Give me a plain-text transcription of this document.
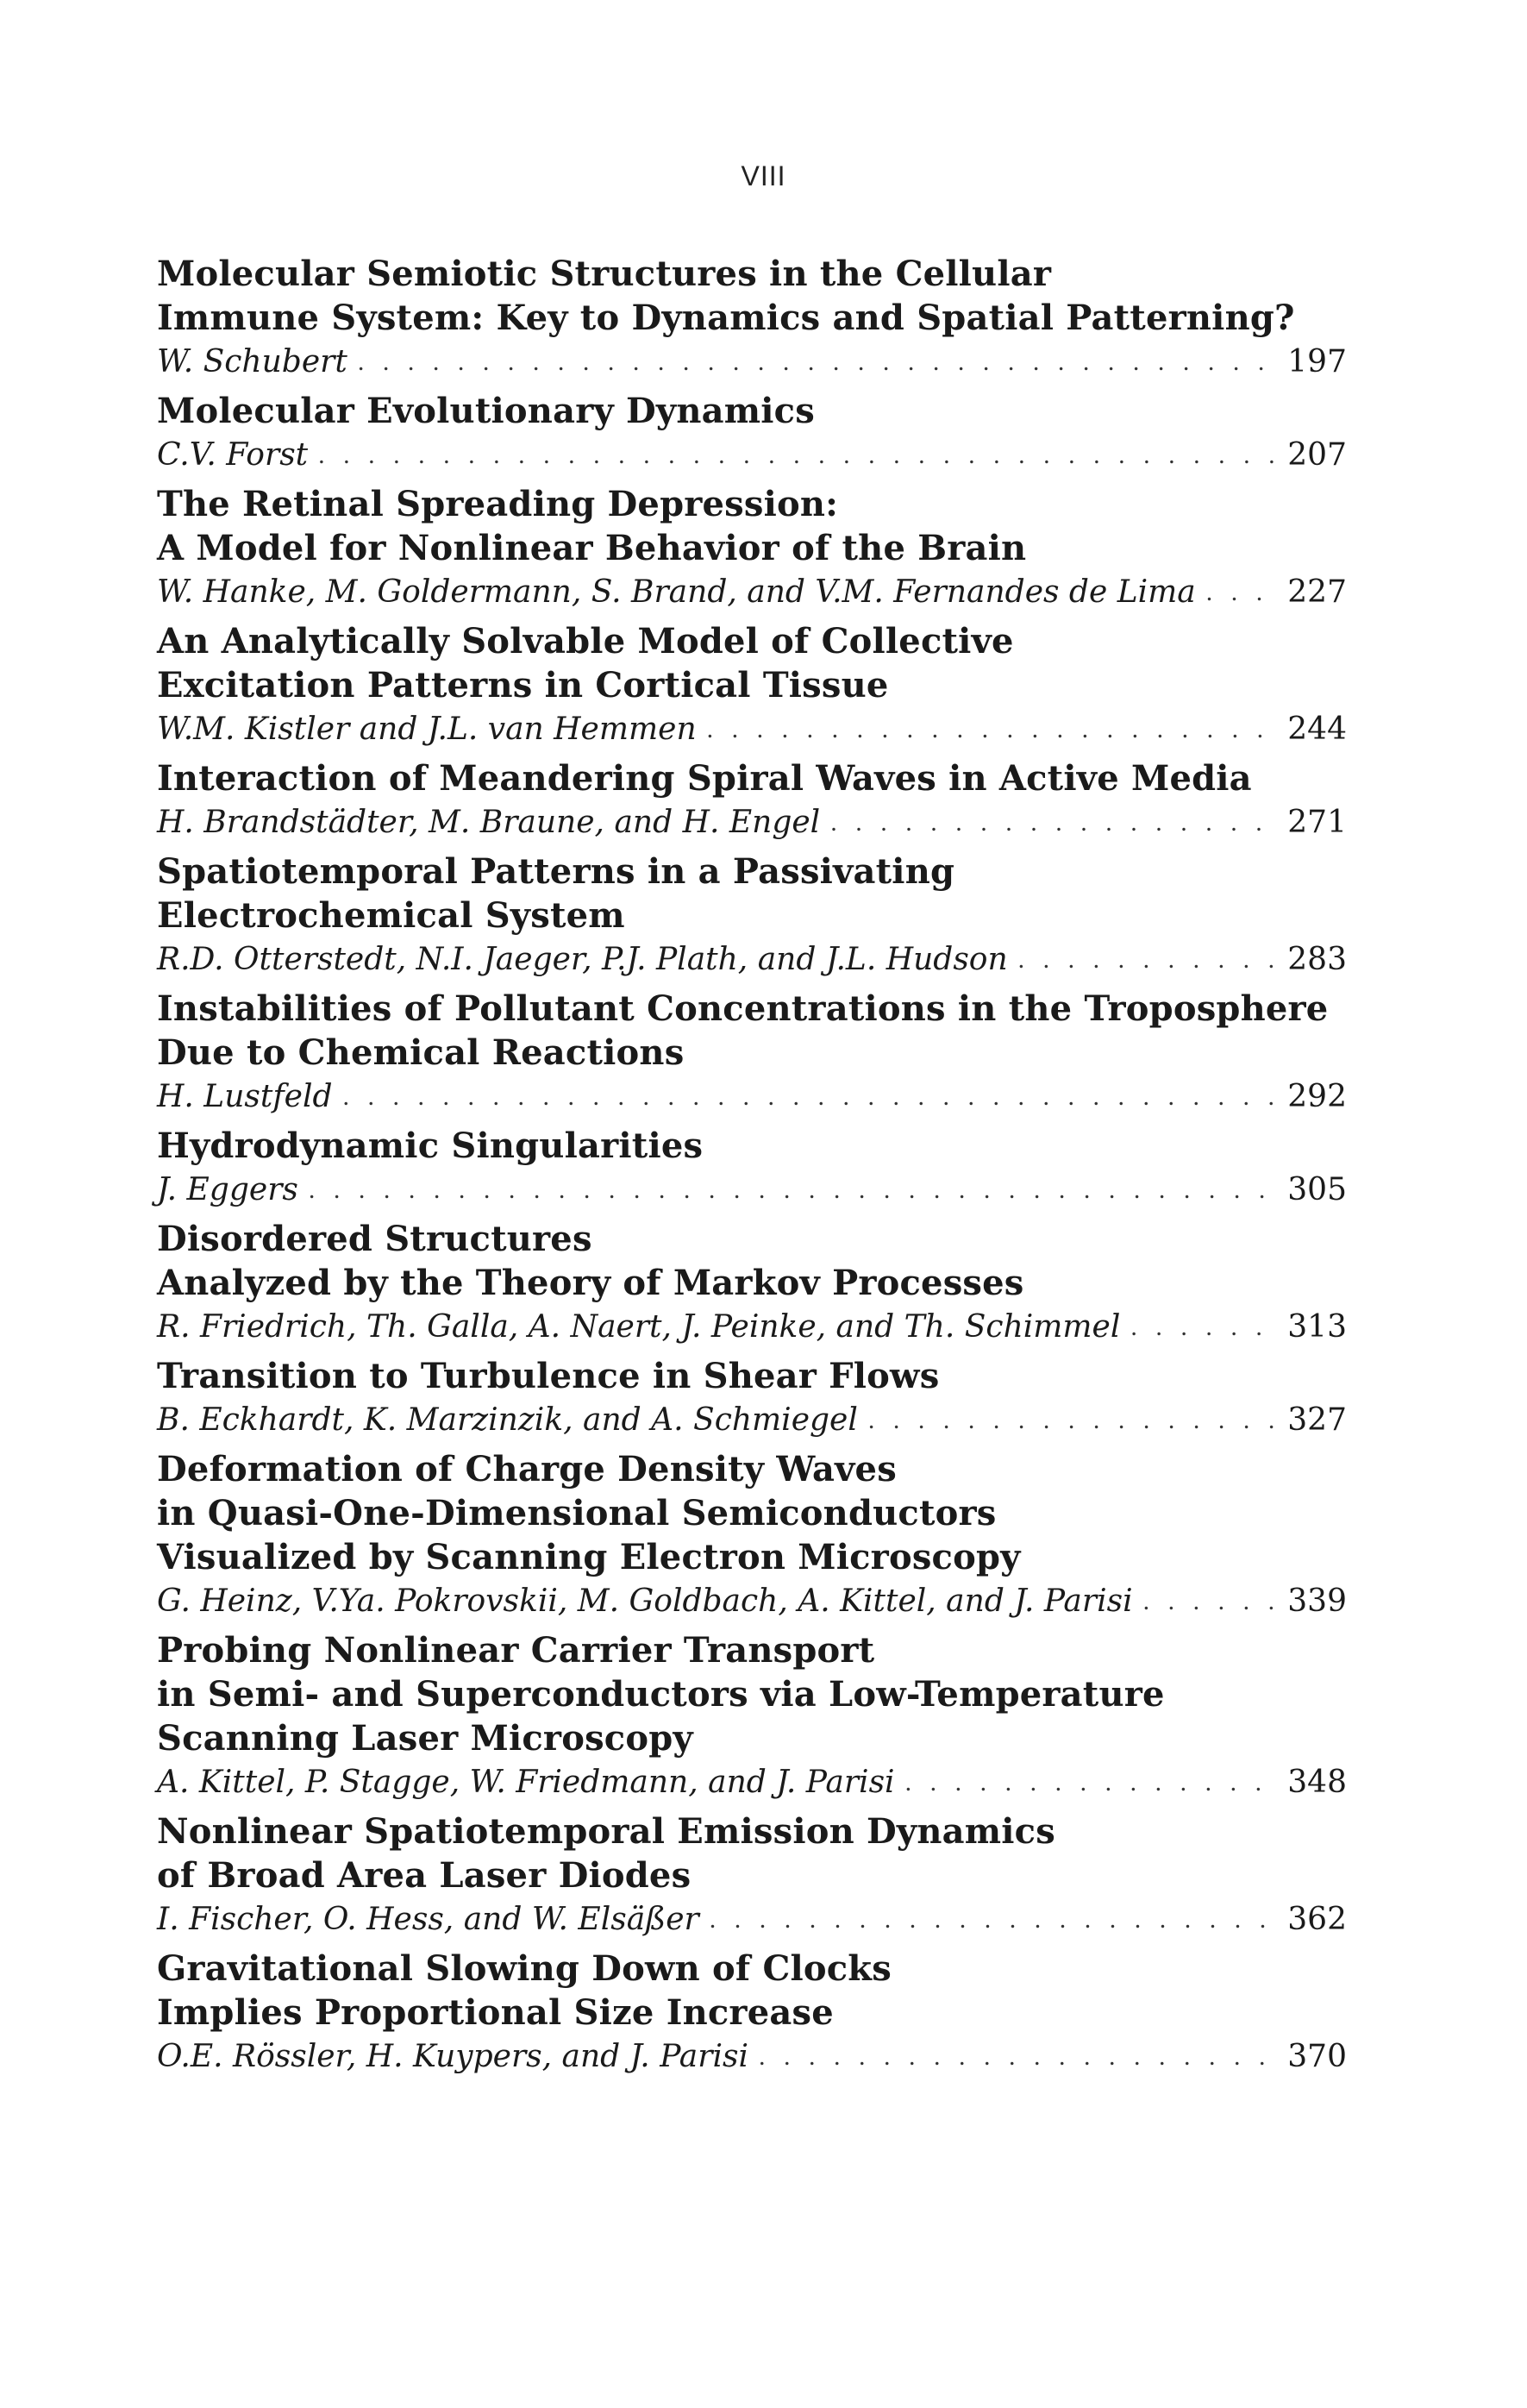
VIII
Molecular Semiotic Structures in the Cellular
Immune System: Key to Dynamics and Spatial Patterning?
W. Schubert . . .	197
Molecular Evolutionary Dynamics
C.V. Forst . . .	207
The Retinal Spreading Depression:
A Model for Nonlinear Behavior of the Brain
W. Hanke, M. Goldermann, S. Brand, and V.M. Fernandes de Lima . . .	227
An Analytically Solvable Model of Collective
Excitation Patterns in Cortical Tissue
W.M. Kistler and J.L. van Hemmen . . .	244
Interaction of Meandering Spiral Waves in Active Media
H. Brandstädter, M. Braune, and H. Engel . . .	271
Spatiotemporal Patterns in a Passivating
Electrochemical System
R.D. Otterstedt, N.I. Jaeger, P.J. Plath, and J.L. Hudson . . .	283
Instabilities of Pollutant Concentrations in the Troposphere
Due to Chemical Reactions
H. Lustfeld . . .	292
Hydrodynamic Singularities
J. Eggers . . .	305
Disordered Structures
Analyzed by the Theory of Markov Processes
R. Friedrich, Th. Galla, A. Naert, J. Peinke, and Th. Schimmel . . .	313
Transition to Turbulence in Shear Flows
B. Eckhardt, K. Marzinzik, and A. Schmiegel . . .	327
Deformation of Charge Density Waves
in Quasi-One-Dimensional Semiconductors
Visualized by Scanning Electron Microscopy
G. Heinz, V.Ya. Pokrovskii, M. Goldbach, A. Kittel, and J. Parisi . . .	339
Probing Nonlinear Carrier Transport
in Semi- and Superconductors via Low-Temperature
Scanning Laser Microscopy
A. Kittel, P. Stagge, W. Friedmann, and J. Parisi . . .	348
Nonlinear Spatiotemporal Emission Dynamics
of Broad Area Laser Diodes
I. Fischer, O. Hess, and W. Elsäßer . . .	362
Gravitational Slowing Down of Clocks
Implies Proportional Size Increase
O.E. Rössler, H. Kuypers, and J. Parisi . . .	370
